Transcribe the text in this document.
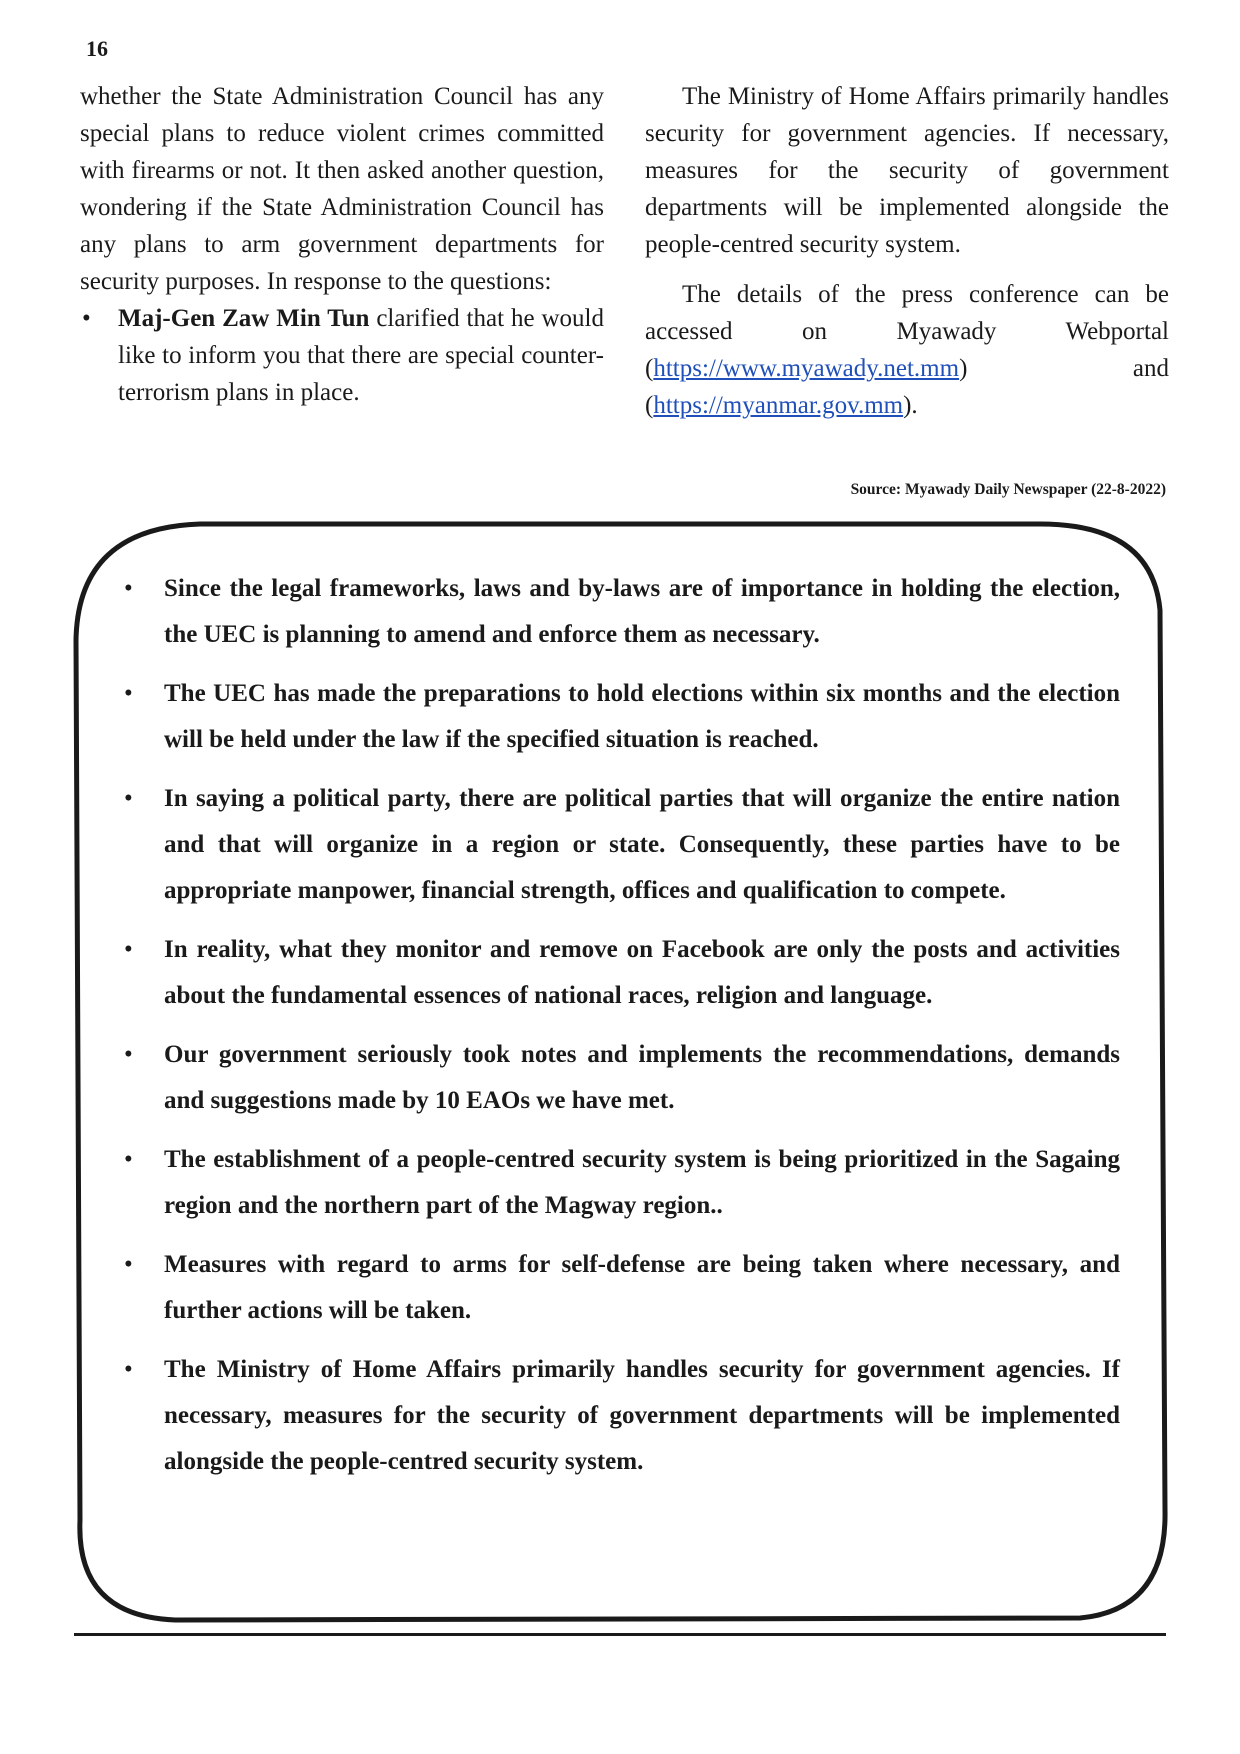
16

whether the State Administration Council has any special plans to reduce violent crimes committed with firearms or not. It then asked another question, wondering if the State Administration Council has any plans to arm government departments for security purposes. In response to the questions:

• Maj-Gen Zaw Min Tun clarified that he would like to inform you that there are special counter-terrorism plans in place.

The Ministry of Home Affairs primarily handles security for government agencies. If necessary, measures for the security of government departments will be implemented alongside the people-centred security system.

The details of the press conference can be accessed on Myawady Webportal (https://www.myawady.net.mm) and (https://myanmar.gov.mm).

Source: Myawady Daily Newspaper (22-8-2022)
• Since the legal frameworks, laws and by-laws are of importance in holding the election, the UEC is planning to amend and enforce them as necessary.
• The UEC has made the preparations to hold elections within six months and the election will be held under the law if the specified situation is reached.
• In saying a political party, there are political parties that will organize the entire nation and that will organize in a region or state. Consequently, these parties have to be appropriate manpower, financial strength, offices and qualification to compete.
• In reality, what they monitor and remove on Facebook are only the posts and activities about the fundamental essences of national races, religion and language.
• Our government seriously took notes and implements the recommendations, demands and suggestions made by 10 EAOs we have met.
• The establishment of a people-centred security system is being prioritized in the Sagaing region and the northern part of the Magway region..
• Measures with regard to arms for self-defense are being taken where necessary, and further actions will be taken.
• The Ministry of Home Affairs primarily handles security for government agencies. If necessary, measures for the security of government departments will be implemented alongside the people-centred security system.
